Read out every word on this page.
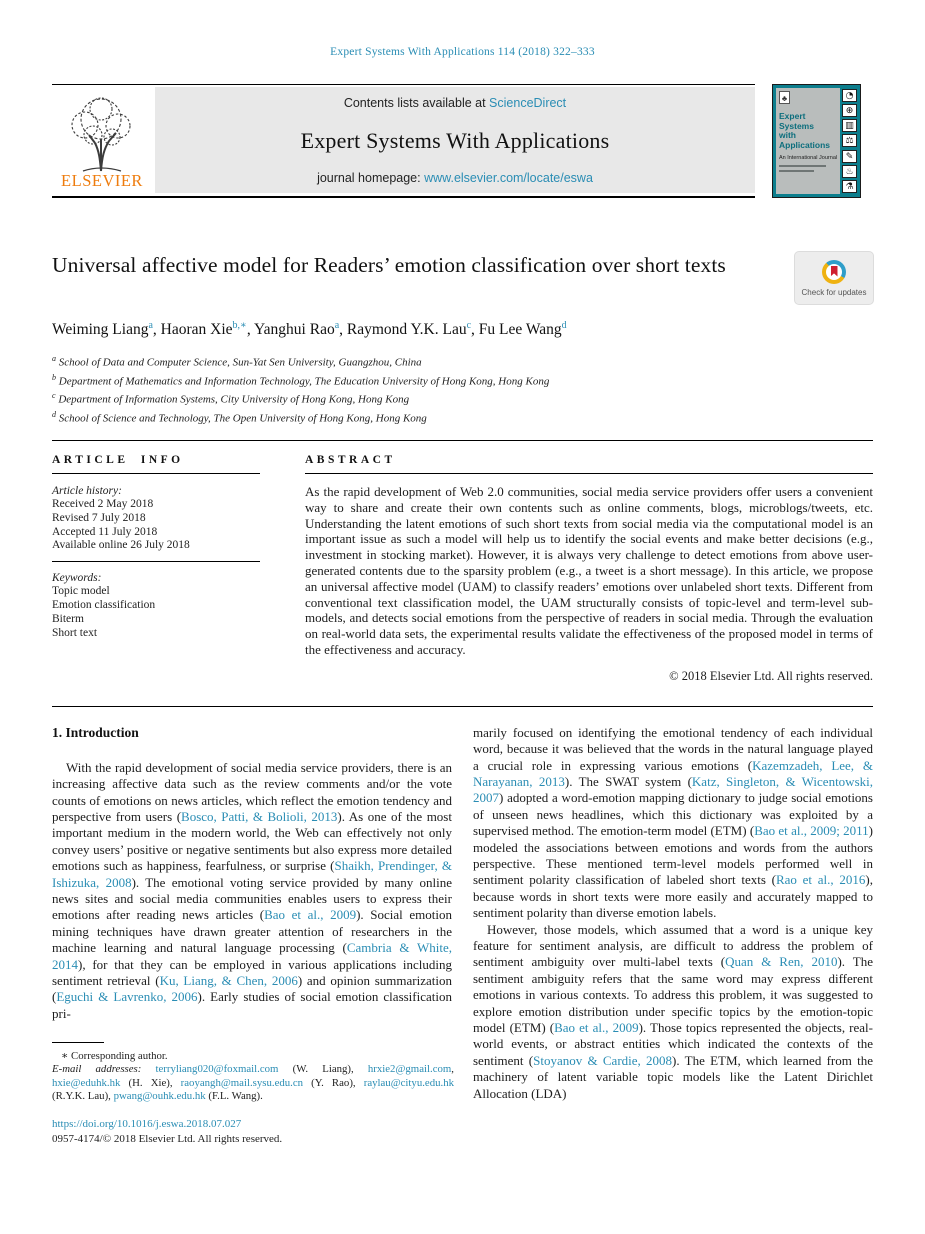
Expert Systems With Applications 114 (2018) 322–333
ELSEVIER
Contents lists available at ScienceDirect
Expert Systems With Applications
journal homepage: www.elsevier.com/locate/eswa
♣
Expert
Systems
with
Applications
An International Journal
◔
⊕
▥
⚖
✎
♨
⚗
Universal affective model for Readers’ emotion classification over short texts
Check for updates
Weiming Liang$^a$, Haoran Xie$^{b,∗}$, Yanghui Rao$^a$, Raymond Y.K. Lau$^c$, Fu Lee Wang$^d$
$^a$ School of Data and Computer Science, Sun-Yat Sen University, Guangzhou, China
$^b$ Department of Mathematics and Information Technology, The Education University of Hong Kong, Hong Kong
$^c$ Department of Information Systems, City University of Hong Kong, Hong Kong
$^d$ School of Science and Technology, The Open University of Hong Kong, Hong Kong
ARTICLE INFO
Article history:
Received 2 May 2018
Revised 7 July 2018
Accepted 11 July 2018
Available online 26 July 2018
Keywords:
Topic model
Emotion classification
Biterm
Short text
ABSTRACT
As the rapid development of Web 2.0 communities, social media service providers offer users a convenient way to share and create their own contents such as online comments, blogs, microblogs/tweets, etc. Understanding the latent emotions of such short texts from social media via the computational model is an important issue as such a model will help us to identify the social events and make better decisions (e.g., investment in stocking market). However, it is always very challenge to detect emotions from above user-generated contents due to the sparsity problem (e.g., a tweet is a short message). In this article, we propose an universal affective model (UAM) to classify readers’ emotions over unlabeled short texts. Different from conventional text classification model, the UAM structurally consists of topic-level and term-level sub-models, and detects social emotions from the perspective of readers in social media. Through the evaluation on real-world data sets, the experimental results validate the effectiveness of the proposed model in terms of the effectiveness and accuracy.
© 2018 Elsevier Ltd. All rights reserved.
1. Introduction

With the rapid development of social media service providers, there is an increasing affective data such as the review comments and/or the vote counts of emotions on news articles, which reflect the emotion tendency and perspective from users (Bosco, Patti, & Bolioli, 2013). As one of the most important medium in the modern world, the Web can effectively not only convey users’ positive or negative sentiments but also express more detailed emotions such as happiness, fearfulness, or surprise (Shaikh, Prendinger, & Ishizuka, 2008). The emotional voting service provided by many online news sites and social media communities enables users to express their emotions after reading news articles (Bao et al., 2009). Social emotion mining techniques have drawn greater attention of researchers in the machine learning and natural language processing (Cambria & White, 2014), for that they can be employed in various applications including sentiment retrieval (Ku, Liang, & Chen, 2006) and opinion summarization (Eguchi & Lavrenko, 2006). Early studies of social emotion classification pri-

marily focused on identifying the emotional tendency of each individual word, because it was believed that the words in the natural language played a crucial role in expressing various emotions (Kazemzadeh, Lee, & Narayanan, 2013). The SWAT system (Katz, Singleton, & Wicentowski, 2007) adopted a word-emotion mapping dictionary to judge social emotions of unseen news headlines, which this dictionary was exploited by a supervised method. The emotion-term model (ETM) (Bao et al., 2009; 2011) modeled the associations between emotions and words from the authors perspective. These mentioned term-level models performed well in sentiment polarity classification of labeled short texts (Rao et al., 2016), because words in short texts were more easily and accurately mapped to sentiment polarity than diverse emotion labels.

However, those models, which assumed that a word is a unique key feature for sentiment analysis, are difficult to address the problem of sentiment ambiguity over multi-label texts (Quan & Ren, 2010). The sentiment ambiguity refers that the same word may express different emotions in various contexts. To address this problem, it was suggested to explore emotion distribution under specific topics by the emotion-topic model (ETM) (Bao et al., 2009). Those topics represented the objects, real-world events, or abstract entities which indicated the contexts of the sentiment (Stoyanov & Cardie, 2008). The ETM, which learned from the machinery of latent variable topic models like the Latent Dirichlet Allocation (LDA)

∗ Corresponding author.
E-mail addresses: terryliang020@foxmail.com (W. Liang), hrxie2@gmail.com, hxie@eduhk.hk (H. Xie), raoyangh@mail.sysu.edu.cn (Y. Rao), raylau@cityu.edu.hk (R.Y.K. Lau), pwang@ouhk.edu.hk (F.L. Wang).
https://doi.org/10.1016/j.eswa.2018.07.027
0957-4174/© 2018 Elsevier Ltd. All rights reserved.
